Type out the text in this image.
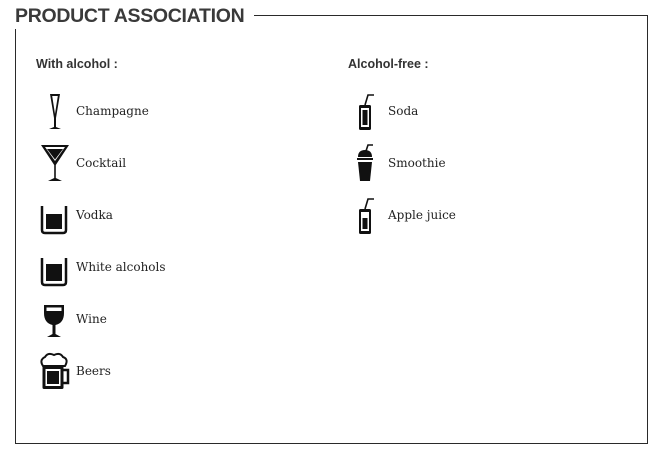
PRODUCT ASSOCIATION
With alcohol :	Alcohol-free :
Champagne
Cocktail
Vodka
White alcohols
Wine
Beers
Soda
Smoothie
Apple juice
